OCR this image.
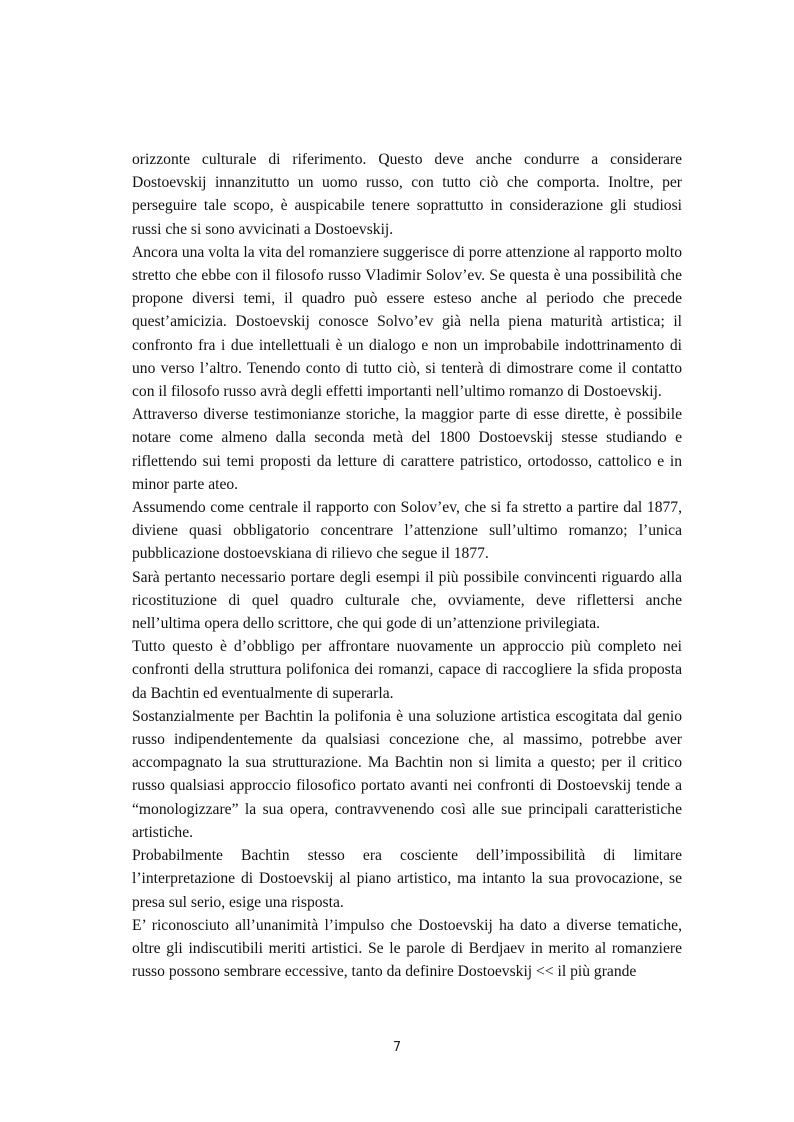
orizzonte culturale di riferimento. Questo deve anche condurre a considerare Dostoevskij innanzitutto un uomo russo, con tutto ciò che comporta. Inoltre, per perseguire tale scopo, è auspicabile tenere soprattutto in considerazione gli studiosi russi che si sono avvicinati a Dostoevskij.

Ancora una volta la vita del romanziere suggerisce di porre attenzione al rapporto molto stretto che ebbe con il filosofo russo Vladimir Solov’ev. Se questa è una possibilità che propone diversi temi, il quadro può essere esteso anche al periodo che precede quest’amicizia. Dostoevskij conosce Solvo’ev già nella piena maturità artistica; il confronto fra i due intellettuali è un dialogo e non un improbabile indottrinamento di uno verso l’altro. Tenendo conto di tutto ciò, si tenterà di dimostrare come il contatto con il filosofo russo avrà degli effetti importanti nell’ultimo romanzo di Dostoevskij.

Attraverso diverse testimonianze storiche, la maggior parte di esse dirette, è possibile notare come almeno dalla seconda metà del 1800 Dostoevskij stesse studiando e riflettendo sui temi proposti da letture di carattere patristico, ortodosso, cattolico e in minor parte ateo.

Assumendo come centrale il rapporto con Solov’ev, che si fa stretto a partire dal 1877, diviene quasi obbligatorio concentrare l’attenzione sull’ultimo romanzo; l’unica pubblicazione dostoevskiana di rilievo che segue il 1877.

Sarà pertanto necessario portare degli esempi il più possibile convincenti riguardo alla ricostituzione di quel quadro culturale che, ovviamente, deve riflettersi anche nell’ultima opera dello scrittore, che qui gode di un’attenzione privilegiata.

Tutto questo è d’obbligo per affrontare nuovamente un approccio più completo nei confronti della struttura polifonica dei romanzi, capace di raccogliere la sfida proposta da Bachtin ed eventualmente di superarla.

Sostanzialmente per Bachtin la polifonia è una soluzione artistica escogitata dal genio russo indipendentemente da qualsiasi concezione che, al massimo, potrebbe aver accompagnato la sua strutturazione. Ma Bachtin non si limita a questo; per il critico russo qualsiasi approccio filosofico portato avanti nei confronti di Dostoevskij tende a “monologizzare” la sua opera, contravvenendo così alle sue principali caratteristiche artistiche.

Probabilmente Bachtin stesso era cosciente dell’impossibilità di limitare l’interpretazione di Dostoevskij al piano artistico, ma intanto la sua provocazione, se presa sul serio, esige una risposta.

E’ riconosciuto all’unanimità l’impulso che Dostoevskij ha dato a diverse tematiche, oltre gli indiscutibili meriti artistici. Se le parole di Berdjaev in merito al romanziere russo possono sembrare eccessive, tanto da definire Dostoevskij << il più grande

7
